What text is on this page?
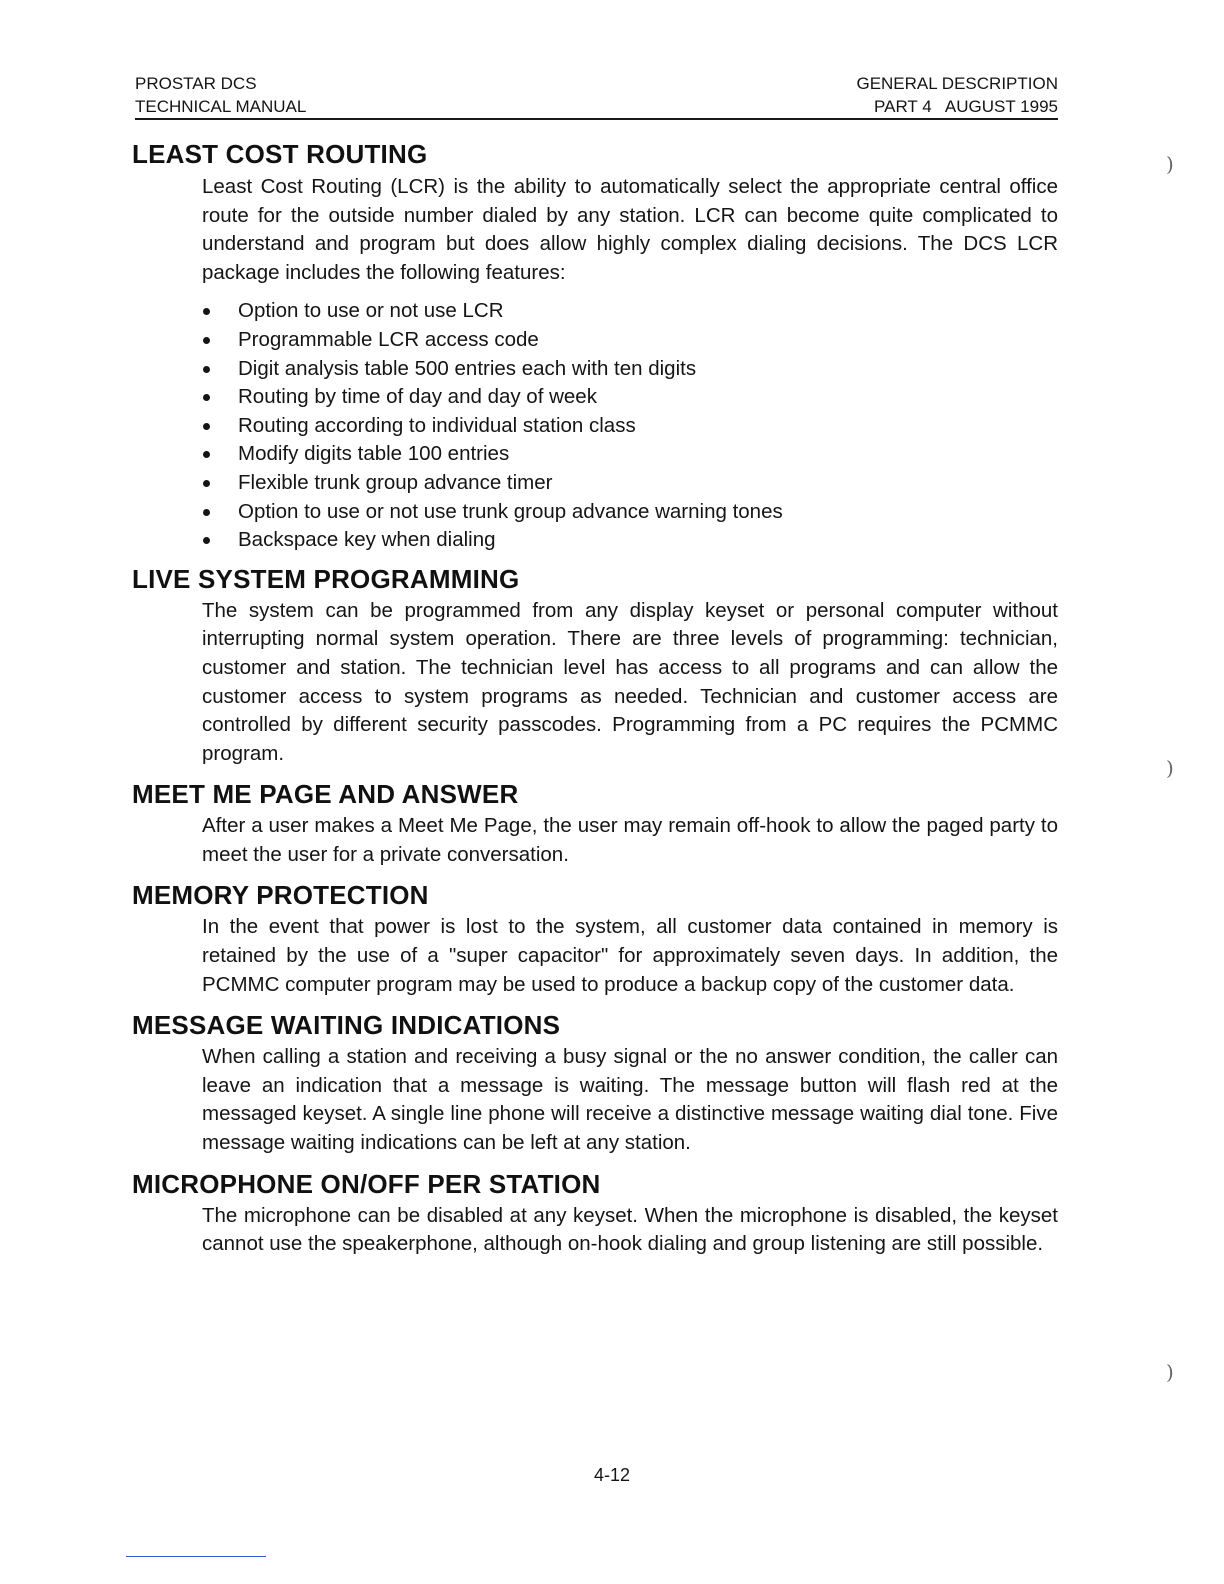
PROSTAR DCS
TECHNICAL MANUAL
GENERAL DESCRIPTION
PART 4   AUGUST 1995
LEAST COST ROUTING

Least Cost Routing (LCR) is the ability to automatically select the appropriate central office route for the outside number dialed by any station. LCR can become quite complicated to understand and program but does allow highly complex dialing decisions. The DCS LCR package includes the following features:

Option to use or not use LCR
Programmable LCR access code
Digit analysis table 500 entries each with ten digits
Routing by time of day and day of week
Routing according to individual station class
Modify digits table 100 entries
Flexible trunk group advance timer
Option to use or not use trunk group advance warning tones
Backspace key when dialing
LIVE SYSTEM PROGRAMMING

The system can be programmed from any display keyset or personal computer without interrupting normal system operation. There are three levels of programming: technician, customer and station. The technician level has access to all programs and can allow the customer access to system programs as needed. Technician and customer access are controlled by different security passcodes. Programming from a PC requires the PCMMC program.

MEET ME PAGE AND ANSWER

After a user makes a Meet Me Page, the user may remain off-hook to allow the paged party to meet the user for a private conversation.

MEMORY PROTECTION

In the event that power is lost to the system, all customer data contained in memory is retained by the use of a "super capacitor" for approximately seven days. In addition, the PCMMC computer program may be used to produce a backup copy of the customer data.

MESSAGE WAITING INDICATIONS

When calling a station and receiving a busy signal or the no answer condition, the caller can leave an indication that a message is waiting. The message button will flash red at the messaged keyset. A single line phone will receive a distinctive message waiting dial tone. Five message waiting indications can be left at any station.

MICROPHONE ON/OFF PER STATION

The microphone can be disabled at any keyset. When the microphone is disabled, the keyset cannot use the speakerphone, although on-hook dialing and group listening are still possible.

)
)
)
4-12
